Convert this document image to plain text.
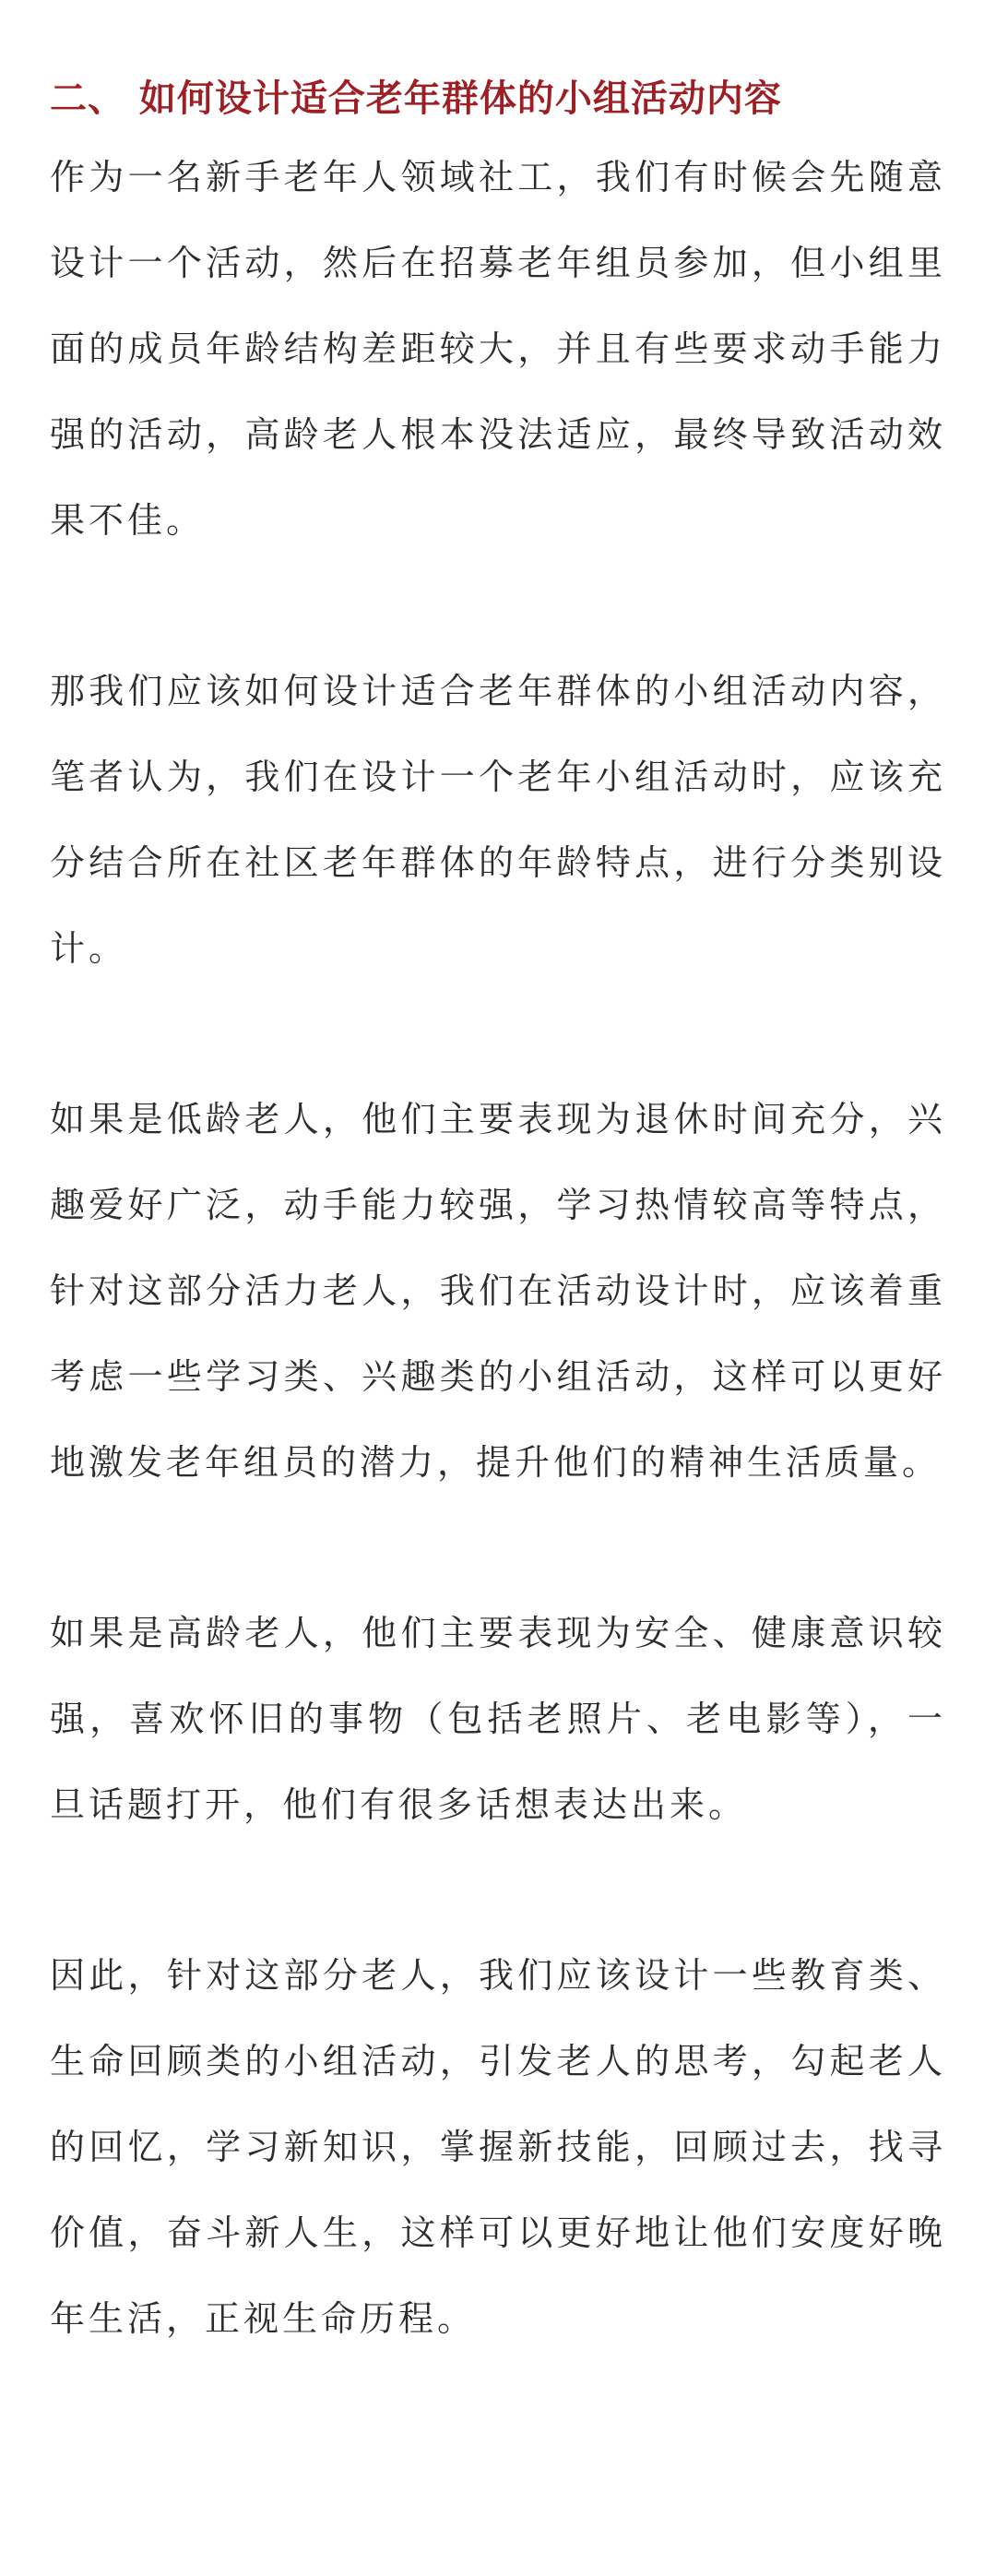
二、 如何设计适合老年群体的小组活动内容

作为一名新手老年人领域社工，我们有时候会先随意设计一个活动，然后在招募老年组员参加，但小组里面的成员年龄结构差距较大，并且有些要求动手能力强的活动，高龄老人根本没法适应，最终导致活动效果不佳。

那我们应该如何设计适合老年群体的小组活动内容，笔者认为，我们在设计一个老年小组活动时，应该充分结合所在社区老年群体的年龄特点，进行分类别设计。

如果是低龄老人，他们主要表现为退休时间充分，兴趣爱好广泛，动手能力较强，学习热情较高等特点，针对这部分活力老人，我们在活动设计时，应该着重考虑一些学习类、兴趣类的小组活动，这样可以更好地激发老年组员的潜力，提升他们的精神生活质量。

如果是高龄老人，他们主要表现为安全、健康意识较强，喜欢怀旧的事物（包括老照片、老电影等），一旦话题打开，他们有很多话想表达出来。

因此，针对这部分老人，我们应该设计一些教育类、生命回顾类的小组活动，引发老人的思考，勾起老人的回忆，学习新知识，掌握新技能，回顾过去，找寻价值，奋斗新人生，这样可以更好地让他们安度好晚年生活，正视生命历程。
